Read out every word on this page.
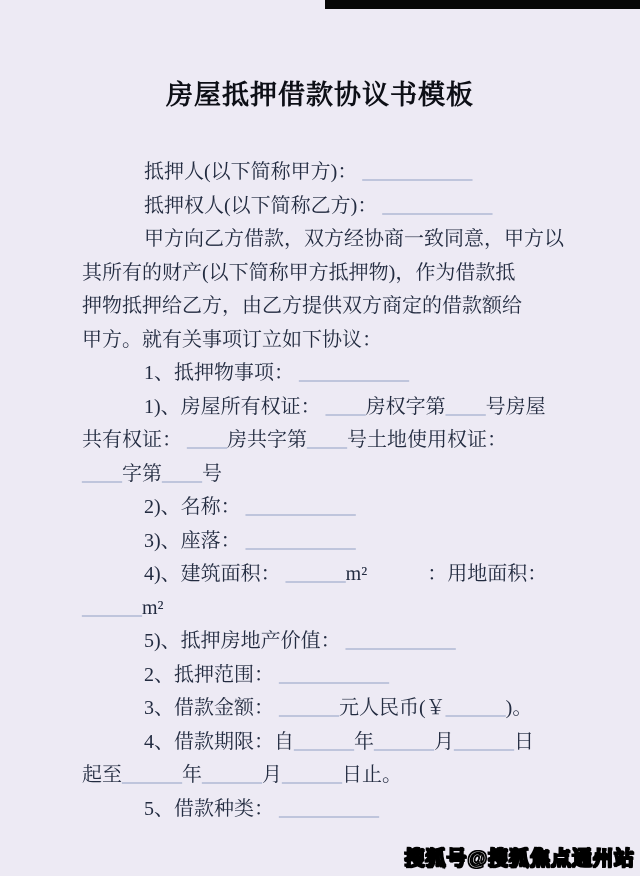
房屋抵押借款协议书模板
抵押人(以下简称甲方)： ___________
抵押权人(以下简称乙方)： ___________
甲方向乙方借款，双方经协商一致同意，甲方以
其所有的财产(以下简称甲方抵押物)，作为借款抵
押物抵押给乙方，由乙方提供双方商定的借款额给
甲方。就有关事项订立如下协议：
1、抵押物事项： ___________
1)、房屋所有权证： ____房权字第____号房屋
共有权证： ____房共字第____号土地使用权证：
____字第____号
2)、名称： ___________
3)、座落： ___________
4)、建筑面积： ______m²　　　：用地面积：
______m²
5)、抵押房地产价值： ___________
2、抵押范围： ___________
3、借款金额： ______元人民币(￥______)。
4、借款期限：自______年______月______日
起至______年______月______日止。
5、借款种类： __________
搜狐号@搜狐焦点通州站
